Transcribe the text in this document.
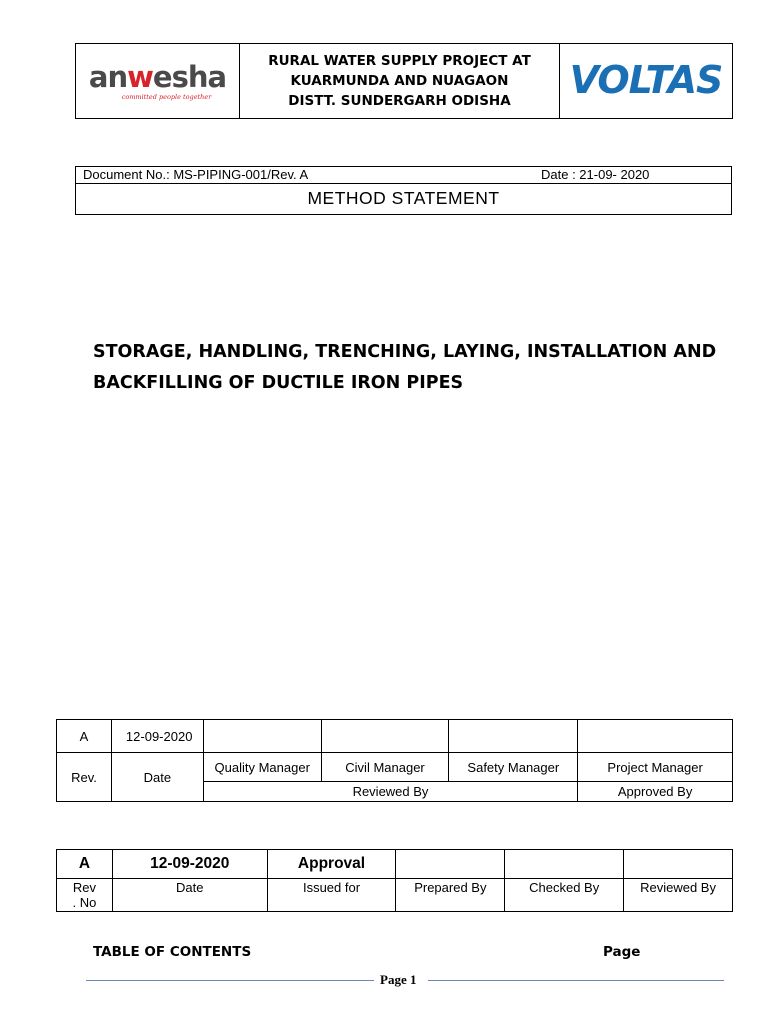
anwesha
committed people together
RURAL WATER SUPPLY PROJECT AT
KUARMUNDA AND NUAGAON
DISTT. SUNDERGARH ODISHA	VOLTAS
Document No.: MS-PIPING-001/Rev. A	Date : 21-09- 2020
METHOD STATEMENT
STORAGE, HANDLING, TRENCHING, LAYING, INSTALLATION AND
BACKFILLING OF DUCTILE IRON PIPES
A	12-09-2020				
Rev.	Date	Quality Manager	Civil Manager	Safety Manager	Project Manager
		Reviewed By			Approved By
A	12-09-2020	Approval			

Rev
. No	Date	Issued for	Prepared By	Checked By	Reviewed By
TABLE OF CONTENTS	Page
Page 1
